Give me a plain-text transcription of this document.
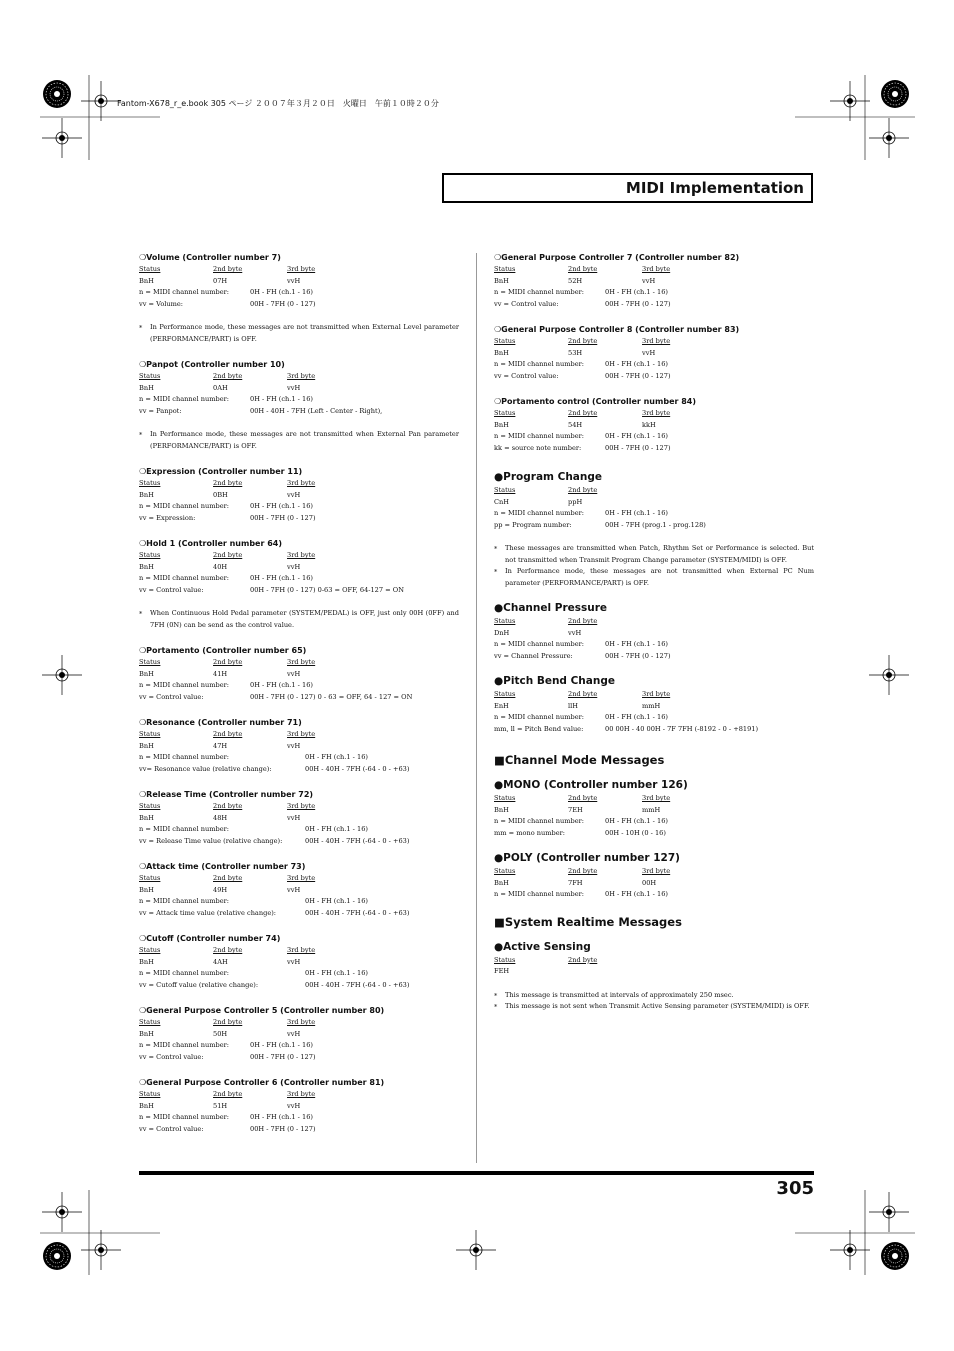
Fantom-X678_r_e.book 305 ページ ２００７年３月２０日　火曜日　午前１０時２０分
MIDI Implementation
❍Volume (Controller number 7)
Status	2nd byte	3rd byte
BnH	07H	vvH
n = MIDI channel number:	0H - FH (ch.1 - 16)
vv = Volume:	00H - 7FH (0 - 127)
* In Performance mode, these messages are not transmitted when External Level parameter (PERFORMANCE/PART) is OFF.
❍Panpot (Controller number 10)
Status	2nd byte	3rd byte
BnH	0AH	vvH
n = MIDI channel number:	0H - FH (ch.1 - 16)
vv = Panpot:	00H - 40H - 7FH (Left - Center - Right),
* In Performance mode, these messages are not transmitted when External Pan parameter (PERFORMANCE/PART) is OFF.
❍Expression (Controller number 11)
Status	2nd byte	3rd byte
BnH	0BH	vvH
n = MIDI channel number:	0H - FH (ch.1 - 16)
vv = Expression:	00H - 7FH (0 - 127)
❍Hold 1 (Controller number 64)
Status	2nd byte	3rd byte
BnH	40H	vvH
n = MIDI channel number:	0H - FH (ch.1 - 16)
vv = Control value:	00H - 7FH (0 - 127) 0-63 = OFF, 64-127 = ON
* When Continuous Hold Pedal parameter (SYSTEM/PEDAL) is OFF, just only 00H (0FF) and 7FH (0N) can be send as the control value.
❍Portamento (Controller number 65)
Status	2nd byte	3rd byte
BnH	41H	vvH
n = MIDI channel number:	0H - FH (ch.1 - 16)
vv = Control value:	00H - 7FH (0 - 127) 0 - 63 = OFF, 64 - 127 = ON
❍Resonance (Controller number 71)
Status	2nd byte	3rd byte
BnH	47H	vvH
n = MIDI channel number:	0H - FH (ch.1 - 16)
vv= Resonance value (relative change):	00H - 40H - 7FH (-64 - 0 - +63)
❍Release Time (Controller number 72)
Status	2nd byte	3rd byte
BnH	48H	vvH
n = MIDI channel number:	0H - FH (ch.1 - 16)
vv = Release Time value (relative change):	00H - 40H - 7FH (-64 - 0 - +63)
❍Attack time (Controller number 73)
Status	2nd byte	3rd byte
BnH	49H	vvH
n = MIDI channel number:	0H - FH (ch.1 - 16)
vv = Attack time value (relative change):	00H - 40H - 7FH (-64 - 0 - +63)
❍Cutoff (Controller number 74)
Status	2nd byte	3rd byte
BnH	4AH	vvH
n = MIDI channel number:	0H - FH (ch.1 - 16)
vv = Cutoff value (relative change):	00H - 40H - 7FH (-64 - 0 - +63)
❍General Purpose Controller 5 (Controller number 80)
Status	2nd byte	3rd byte
BnH	50H	vvH
n = MIDI channel number:	0H - FH (ch.1 - 16)
vv = Control value:	00H - 7FH (0 - 127)
❍General Purpose Controller 6 (Controller number 81)
Status	2nd byte	3rd byte
BnH	51H	vvH
n = MIDI channel number:	0H - FH (ch.1 - 16)
vv = Control value:	00H - 7FH (0 - 127)
❍General Purpose Controller 7 (Controller number 82)
Status	2nd byte	3rd byte
BnH	52H	vvH
n = MIDI channel number:	0H - FH (ch.1 - 16)
vv = Control value:	00H - 7FH (0 - 127)
❍General Purpose Controller 8 (Controller number 83)
Status	2nd byte	3rd byte
BnH	53H	vvH
n = MIDI channel number:	0H - FH (ch.1 - 16)
vv = Control value:	00H - 7FH (0 - 127)
❍Portamento control (Controller number 84)
Status	2nd byte	3rd byte
BnH	54H	kkH
n = MIDI channel number:	0H - FH (ch.1 - 16)
kk = source note number:	00H - 7FH (0 - 127)
●Program Change
Status	2nd byte
CnH	ppH
n = MIDI channel number:	0H - FH (ch.1 - 16)
pp = Program number:	00H - 7FH (prog.1 - prog.128)
* These messages are transmitted when Patch, Rhythm Set or Performance is selected. But not transmitted when Transmit Program Change parameter (SYSTEM/MIDI) is OFF.
* In Performance mode, these messages are not transmitted when External PC Num parameter (PERFORMANCE/PART) is OFF.
●Channel Pressure
Status	2nd byte
DnH	vvH
n = MIDI channel number:	0H - FH (ch.1 - 16)
vv = Channel Pressure:	00H - 7FH (0 - 127)
●Pitch Bend Change
Status	2nd byte	3rd byte
EnH	llH	mmH
n = MIDI channel number:	0H - FH (ch.1 - 16)
mm, ll = Pitch Bend value:	00 00H - 40 00H - 7F 7FH (-8192 - 0 - +8191)
■Channel Mode Messages
●MONO (Controller number 126)
Status	2nd byte	3rd byte
BnH	7EH	mmH
n = MIDI channel number:	0H - FH (ch.1 - 16)
mm = mono number:	00H - 10H (0 - 16)
●POLY (Controller number 127)
Status	2nd byte	3rd byte
BnH	7FH	00H
n = MIDI channel number:	0H - FH (ch.1 - 16)
■System Realtime Messages
●Active Sensing
Status	2nd byte
FEH
* This message is transmitted at intervals of approximately 250 msec.
* This message is not sent when Transmit Active Sensing parameter (SYSTEM/MIDI) is OFF.
305
